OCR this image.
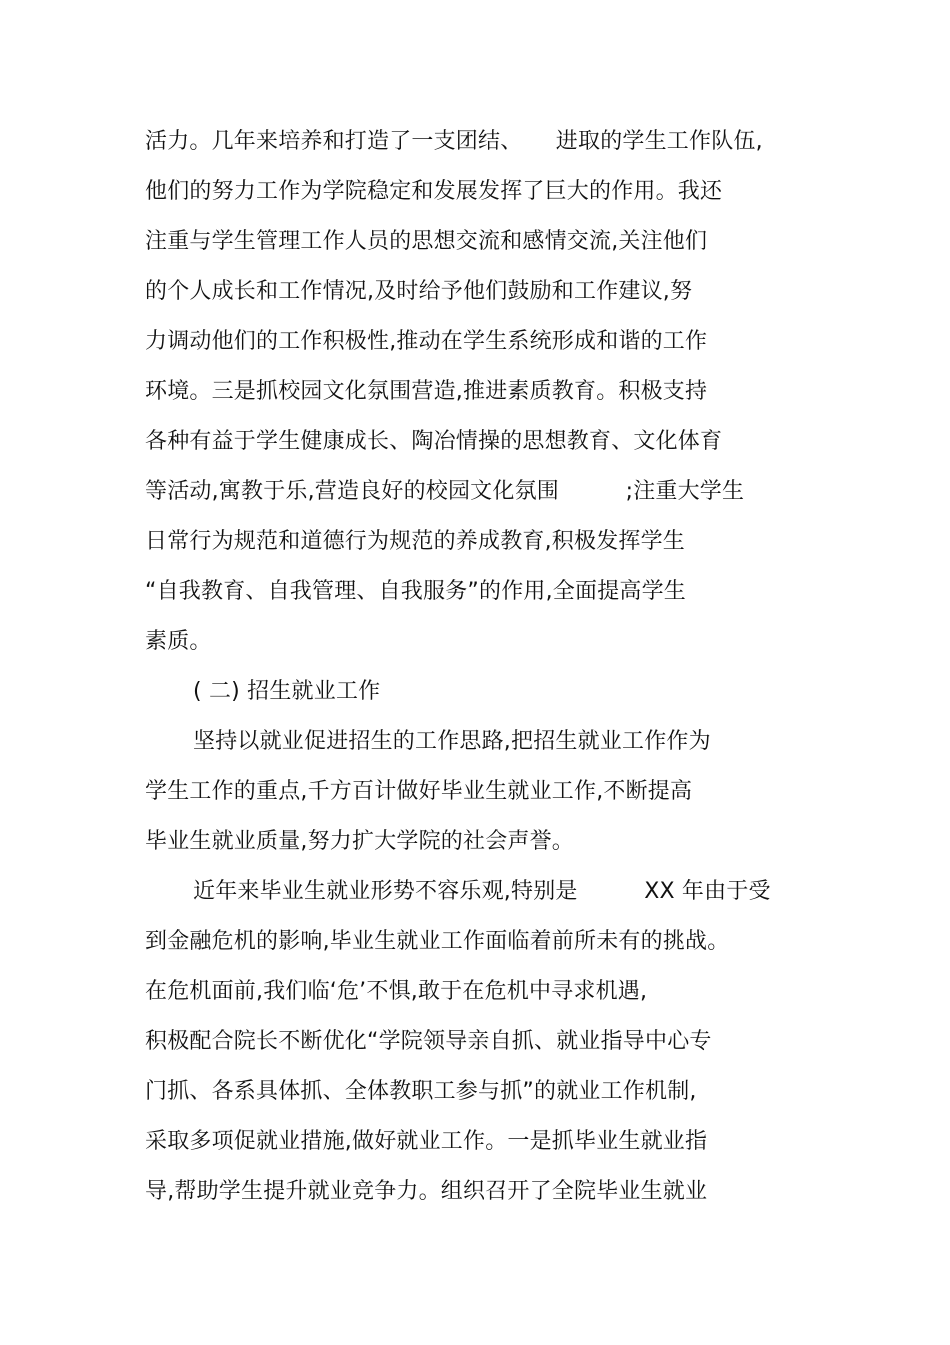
活力。几年来培养和打造了一支团结、　　进取的学生工作队伍,
他们的努力工作为学院稳定和发展发挥了巨大的作用。我还
注重与学生管理工作人员的思想交流和感情交流,关注他们
的个人成长和工作情况,及时给予他们鼓励和工作建议,努
力调动他们的工作积极性,推动在学生系统形成和谐的工作
环境。三是抓校园文化氛围营造,推进素质教育。积极支持
各种有益于学生健康成长、陶冶情操的思想教育、文化体育
等活动,寓教于乐,营造良好的校园文化氛围　　　;注重大学生
日常行为规范和道德行为规范的养成教育,积极发挥学生
“自我教育、自我管理、自我服务”的作用,全面提高学生
素质。
( 二) 招生就业工作
坚持以就业促进招生的工作思路,把招生就业工作作为
学生工作的重点,千方百计做好毕业生就业工作,不断提高
毕业生就业质量,努力扩大学院的社会声誉。
近年来毕业生就业形势不容乐观,特别是　　　XX 年由于受
到金融危机的影响,毕业生就业工作面临着前所未有的挑战。
在危机面前,我们临‘危’不惧,敢于在危机中寻求机遇,
积极配合院长不断优化“学院领导亲自抓、就业指导中心专
门抓、各系具体抓、全体教职工参与抓”的就业工作机制,
采取多项促就业措施,做好就业工作。一是抓毕业生就业指
导,帮助学生提升就业竞争力。组织召开了全院毕业生就业
